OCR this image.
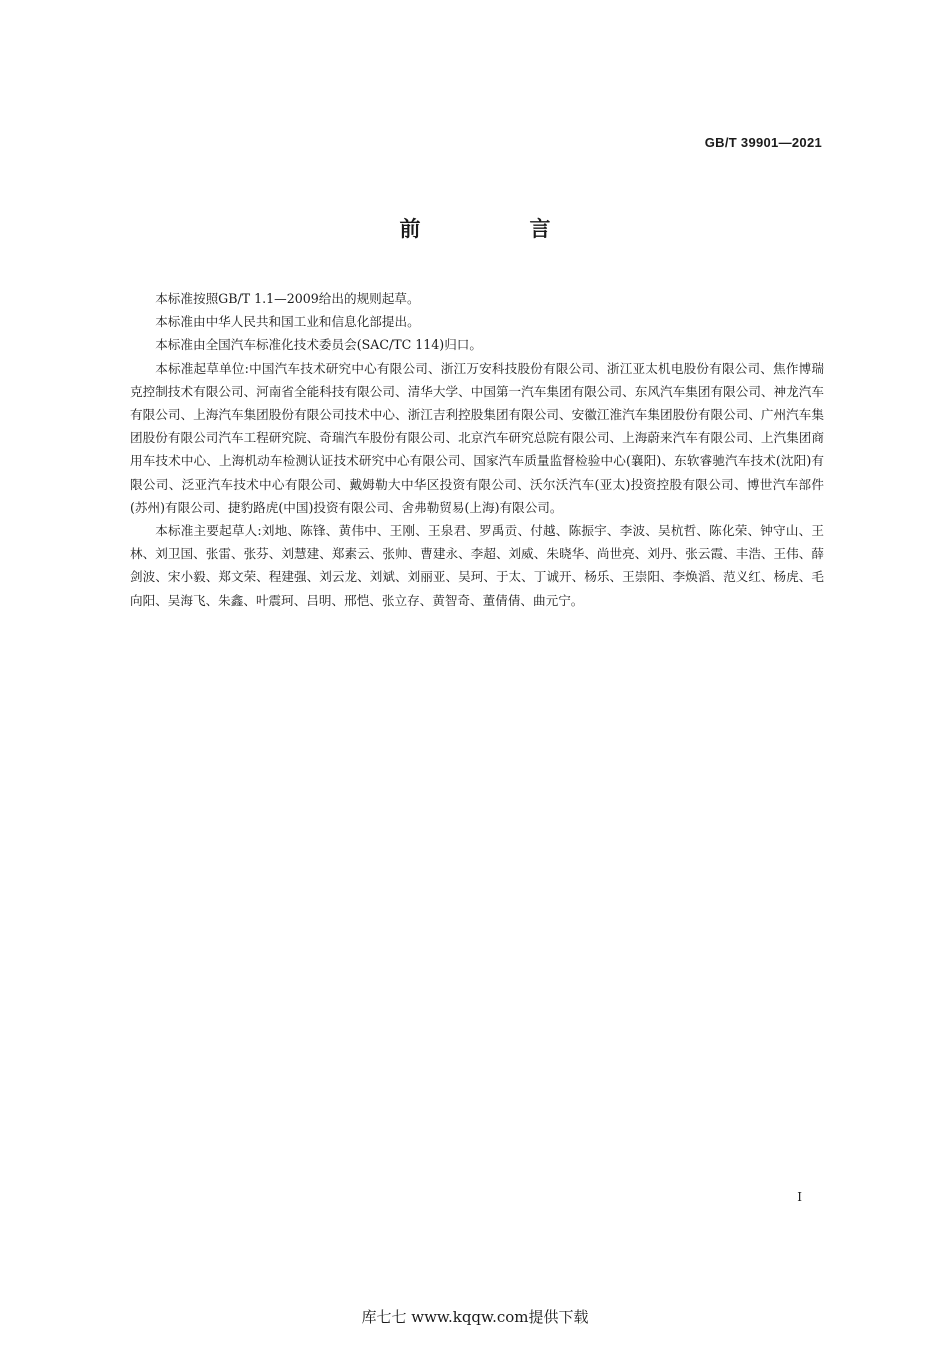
GB/T 39901—2021
前　言

本标准按照GB/T 1.1—2009给出的规则起草。

本标准由中华人民共和国工业和信息化部提出。

本标准由全国汽车标准化技术委员会(SAC/TC 114)归口。

本标准起草单位:中国汽车技术研究中心有限公司、浙江万安科技股份有限公司、浙江亚太机电股份有限公司、焦作博瑞克控制技术有限公司、河南省全能科技有限公司、清华大学、中国第一汽车集团有限公司、东风汽车集团有限公司、神龙汽车有限公司、上海汽车集团股份有限公司技术中心、浙江吉利控股集团有限公司、安徽江淮汽车集团股份有限公司、广州汽车集团股份有限公司汽车工程研究院、奇瑞汽车股份有限公司、北京汽车研究总院有限公司、上海蔚来汽车有限公司、上汽集团商用车技术中心、上海机动车检测认证技术研究中心有限公司、国家汽车质量监督检验中心(襄阳)、东软睿驰汽车技术(沈阳)有限公司、泛亚汽车技术中心有限公司、戴姆勒大中华区投资有限公司、沃尔沃汽车(亚太)投资控股有限公司、博世汽车部件(苏州)有限公司、捷豹路虎(中国)投资有限公司、舍弗勒贸易(上海)有限公司。

本标准主要起草人:刘地、陈锋、黄伟中、王刚、王泉君、罗禹贡、付越、陈振宇、李波、吴杭哲、陈化荣、钟守山、王林、刘卫国、张雷、张芬、刘慧建、郑素云、张帅、曹建永、李超、刘威、朱晓华、尚世亮、刘丹、张云霞、丰浩、王伟、薛剑波、宋小毅、郑文荣、程建强、刘云龙、刘斌、刘丽亚、吴珂、于太、丁诚开、杨乐、王崇阳、李焕滔、范义红、杨虎、毛向阳、吴海飞、朱鑫、叶震珂、吕明、邢恺、张立存、黄智奇、董倩倩、曲元宁。

I
库七七 www.kqqw.com提供下载
